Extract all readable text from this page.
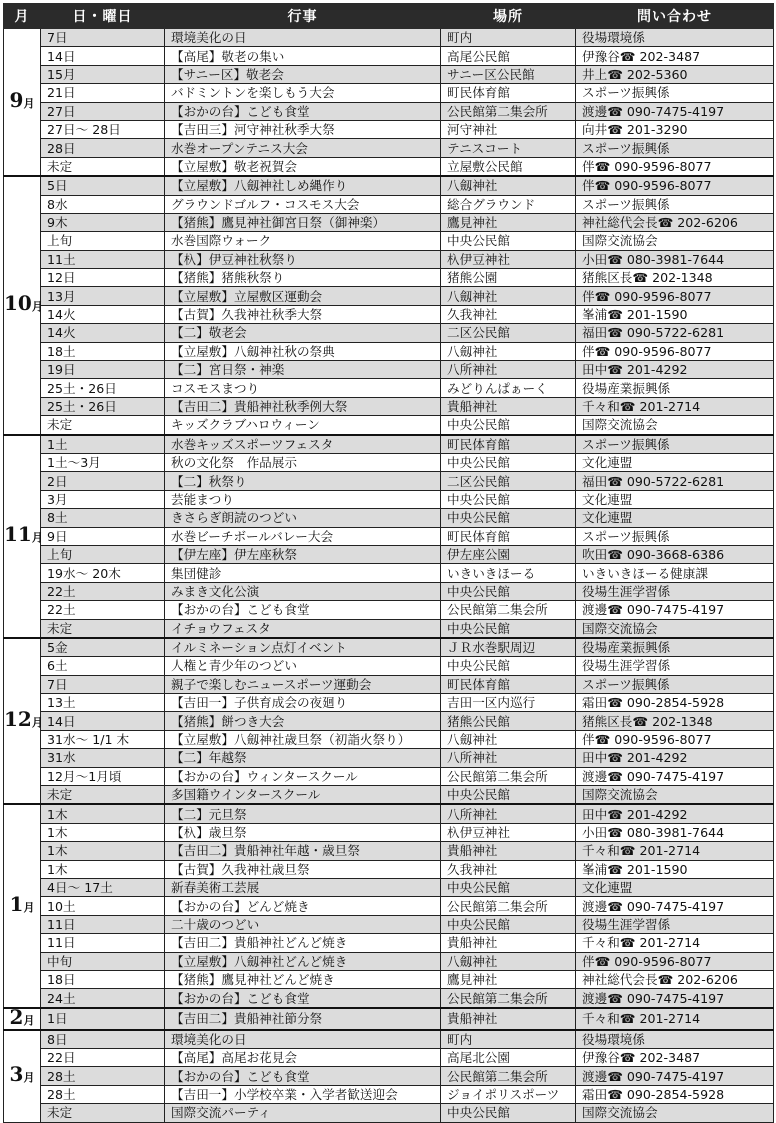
月	日・曜日	行事	場所	問い合わせ
9月	7日	環境美化の日	町内	役場環境係
	14日	【高尾】敬老の集い	高尾公民館	伊豫谷☎ 202-3487
	15月	【サニー区】敬老会	サニー区公民館	井上☎ 202-5360
	21日	バドミントンを楽しもう大会	町民体育館	スポーツ振興係
	27日	【おかの台】こども食堂	公民館第二集会所	渡邊☎ 090-7475-4197
	27日〜 28日	【吉田三】河守神社秋季大祭	河守神社	向井☎ 201-3290
	28日	水巻オープンテニス大会	テニスコート	スポーツ振興係
	未定	【立屋敷】敬老祝賀会	立屋敷公民館	伴☎ 090-9596-8077
10月	5日	【立屋敷】八劔神社しめ縄作り	八劔神社	伴☎ 090-9596-8077
	8水	グラウンドゴルフ・コスモス大会	総合グラウンド	スポーツ振興係
	9木	【猪熊】鷹見神社御宮日祭（御神楽）	鷹見神社	神社総代会長☎ 202-6206
	上旬	水巻国際ウォーク	中央公民館	国際交流協会
	11土	【杁】伊豆神社秋祭り	杁伊豆神社	小田☎ 080-3981-7644
	12日	【猪熊】猪熊秋祭り	猪熊公園	猪熊区長☎ 202-1348
	13月	【立屋敷】立屋敷区運動会	八劔神社	伴☎ 090-9596-8077
	14火	【古賀】久我神社秋季大祭	久我神社	峯浦☎ 201-1590
	14火	【二】敬老会	二区公民館	福田☎ 090-5722-6281
	18土	【立屋敷】八劔神社秋の祭典	八劔神社	伴☎ 090-9596-8077
	19日	【二】宮日祭・神楽	八所神社	田中☎ 201-4292
	25土・26日	コスモスまつり	みどりんぱぁーく	役場産業振興係
	25土・26日	【吉田二】貴船神社秋季例大祭	貴船神社	千々和☎ 201-2714
	未定	キッズクラブハロウィーン	中央公民館	国際交流協会
11月	1土	水巻キッズスポーツフェスタ	町民体育館	スポーツ振興係
	1土〜3月	秋の文化祭　作品展示	中央公民館	文化連盟
	2日	【二】秋祭り	二区公民館	福田☎ 090-5722-6281
	3月	芸能まつり	中央公民館	文化連盟
	8土	きさらぎ朗読のつどい	中央公民館	文化連盟
	9日	水巻ビーチボールバレー大会	町民体育館	スポーツ振興係
	上旬	【伊左座】伊左座秋祭	伊左座公園	吹田☎ 090-3668-6386
	19水〜 20木	集団健診	いきいきほーる	いきいきほーる健康課
	22土	みまき文化公演	中央公民館	役場生涯学習係
	22土	【おかの台】こども食堂	公民館第二集会所	渡邊☎ 090-7475-4197
	未定	イチョウフェスタ	中央公民館	国際交流協会
12月	5金	イルミネーション点灯イベント	ＪＲ水巻駅周辺	役場産業振興係
	6土	人権と青少年のつどい	中央公民館	役場生涯学習係
	7日	親子で楽しむニュースポーツ運動会	町民体育館	スポーツ振興係
	13土	【吉田一】子供育成会の夜廻り	吉田一区内巡行	霜田☎ 090-2854-5928
	14日	【猪熊】餅つき大会	猪熊公民館	猪熊区長☎ 202-1348
	31水〜 1/1 木	【立屋敷】八劔神社歳旦祭（初詣火祭り）	八劔神社	伴☎ 090-9596-8077
	31水	【二】年越祭	八所神社	田中☎ 201-4292
	12月〜1月頃	【おかの台】ウィンタースクール	公民館第二集会所	渡邊☎ 090-7475-4197
	未定	多国籍ウインタースクール	中央公民館	国際交流協会
1月	1木	【二】元旦祭	八所神社	田中☎ 201-4292
	1木	【杁】歳旦祭	杁伊豆神社	小田☎ 080-3981-7644
	1木	【吉田二】貴船神社年越・歳旦祭	貴船神社	千々和☎ 201-2714
	1木	【古賀】久我神社歳旦祭	久我神社	峯浦☎ 201-1590
	4日〜 17土	新春美術工芸展	中央公民館	文化連盟
	10土	【おかの台】どんど焼き	公民館第二集会所	渡邊☎ 090-7475-4197
	11日	二十歳のつどい	中央公民館	役場生涯学習係
	11日	【吉田二】貴船神社どんど焼き	貴船神社	千々和☎ 201-2714
	中旬	【立屋敷】八劔神社どんど焼き	八劔神社	伴☎ 090-9596-8077
	18日	【猪熊】鷹見神社どんど焼き	鷹見神社	神社総代会長☎ 202-6206
	24土	【おかの台】こども食堂	公民館第二集会所	渡邊☎ 090-7475-4197
2月	1日	【吉田二】貴船神社節分祭	貴船神社	千々和☎ 201-2714
3月	8日	環境美化の日	町内	役場環境係
	22日	【高尾】高尾お花見会	高尾北公園	伊豫谷☎ 202-3487
	28土	【おかの台】こども食堂	公民館第二集会所	渡邊☎ 090-7475-4197
	28土	【吉田一】小学校卒業・入学者歓送迎会	ジョイポリスポーツ	霜田☎ 090-2854-5928
	未定	国際交流パーティ	中央公民館	国際交流協会
